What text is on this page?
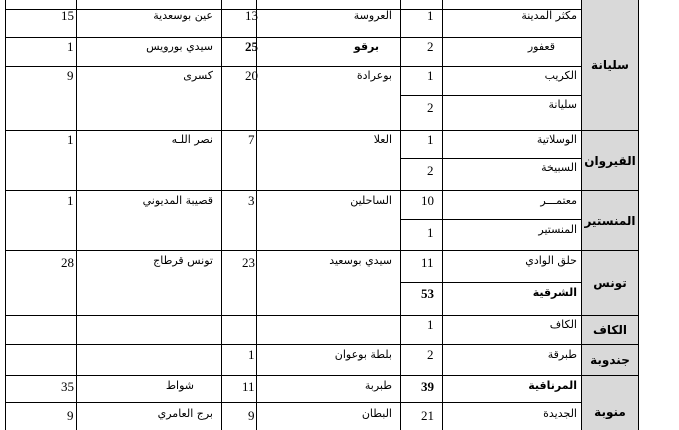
سليانة
القيروان
المنستير
تونس
الكاف
جندوبة
منوبة
مكثر المدينة
1
العروسة
13
عين بوسعدية
15
قعفور
2
برقو
25
سيدي بورويس
1
الكريب
1
بوعرادة
20
كسرى
9
سليانة
2
الوسلاتية
1
العلا
7
نصر اللـه
1
السبيخة
2
معتمـــر
10
الساحلين
3
قصيبة المديوني
1
المنستير
1
حلق الوادي
11
سيدي بوسعيد
23
تونس قرطاج
28
الشرقية
53
الكاف
1
طبرقة
2
بلطة بوعوان
1
المرناقية
39
طبربة
11
شواط
35
الجديدة
21
البطان
9
برج العامري
9
